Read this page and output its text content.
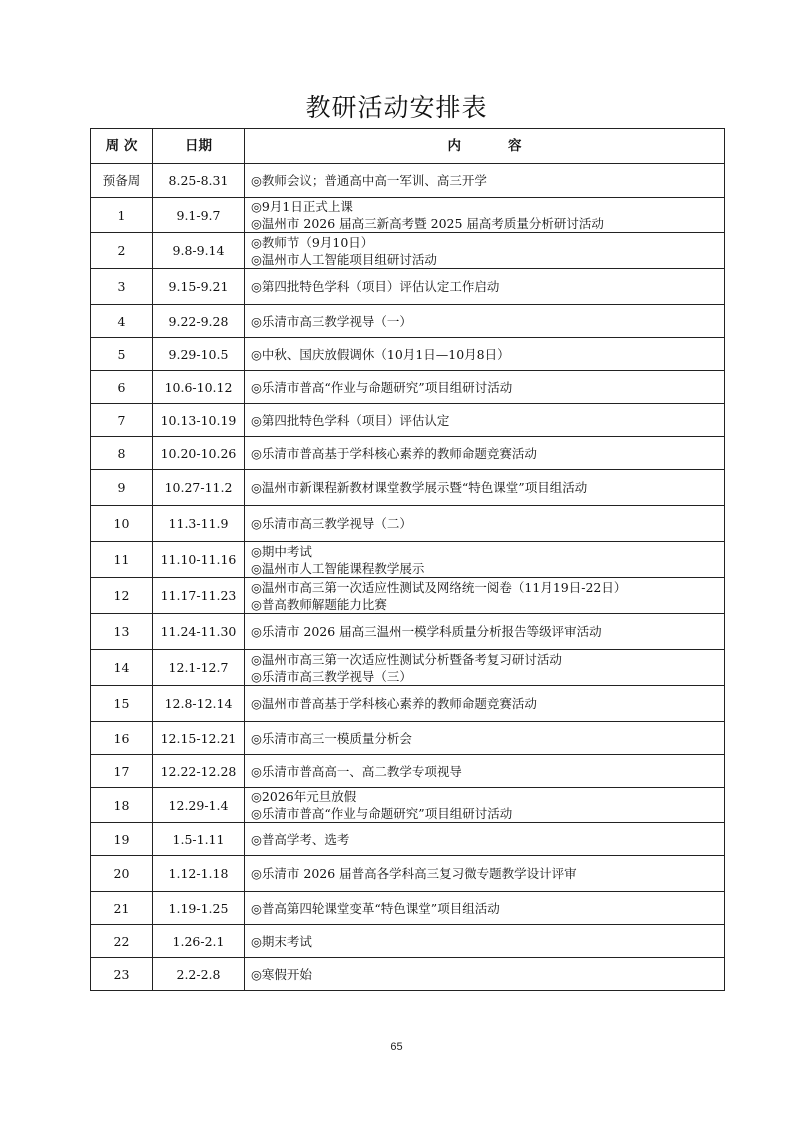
教研活动安排表
周 次	日期	内          容
预备周	8.25-8.31	◎教师会议；普通高中高一军训、高三开学

1	9.1-9.7	◎9月1日正式上课
◎温州市 2026 届高三新高考暨 2025 届高考质量分析研讨活动

2	9.8-9.14	◎教师节（9月10日）
◎温州市人工智能项目组研讨活动

3	9.15-9.21	◎第四批特色学科（项目）评估认定工作启动

4	9.22-9.28	◎乐清市高三教学视导（一）

5	9.29-10.5	◎中秋、国庆放假调休（10月1日—10月8日）

6	10.6-10.12	◎乐清市普高“作业与命题研究”项目组研讨活动

7	10.13-10.19	◎第四批特色学科（项目）评估认定

8	10.20-10.26	◎乐清市普高基于学科核心素养的教师命题竞赛活动

9	10.27-11.2	◎温州市新课程新教材课堂教学展示暨“特色课堂”项目组活动

10	11.3-11.9	◎乐清市高三教学视导（二）

11	11.10-11.16	◎期中考试
◎温州市人工智能课程教学展示

12	11.17-11.23	◎温州市高三第一次适应性测试及网络统一阅卷（11月19日-22日）
◎普高教师解题能力比赛

13	11.24-11.30	◎乐清市 2026 届高三温州一模学科质量分析报告等级评审活动

14	12.1-12.7	◎温州市高三第一次适应性测试分析暨备考复习研讨活动
◎乐清市高三教学视导（三）

15	12.8-12.14	◎温州市普高基于学科核心素养的教师命题竞赛活动

16	12.15-12.21	◎乐清市高三一模质量分析会

17	12.22-12.28	◎乐清市普高高一、高二教学专项视导

18	12.29-1.4	◎2026年元旦放假
◎乐清市普高“作业与命题研究”项目组研讨活动

19	1.5-1.11	◎普高学考、选考

20	1.12-1.18	◎乐清市 2026 届普高各学科高三复习微专题教学设计评审

21	1.19-1.25	◎普高第四轮课堂变革“特色课堂”项目组活动

22	1.26-2.1	◎期末考试

23	2.2-2.8	◎寒假开始
65
